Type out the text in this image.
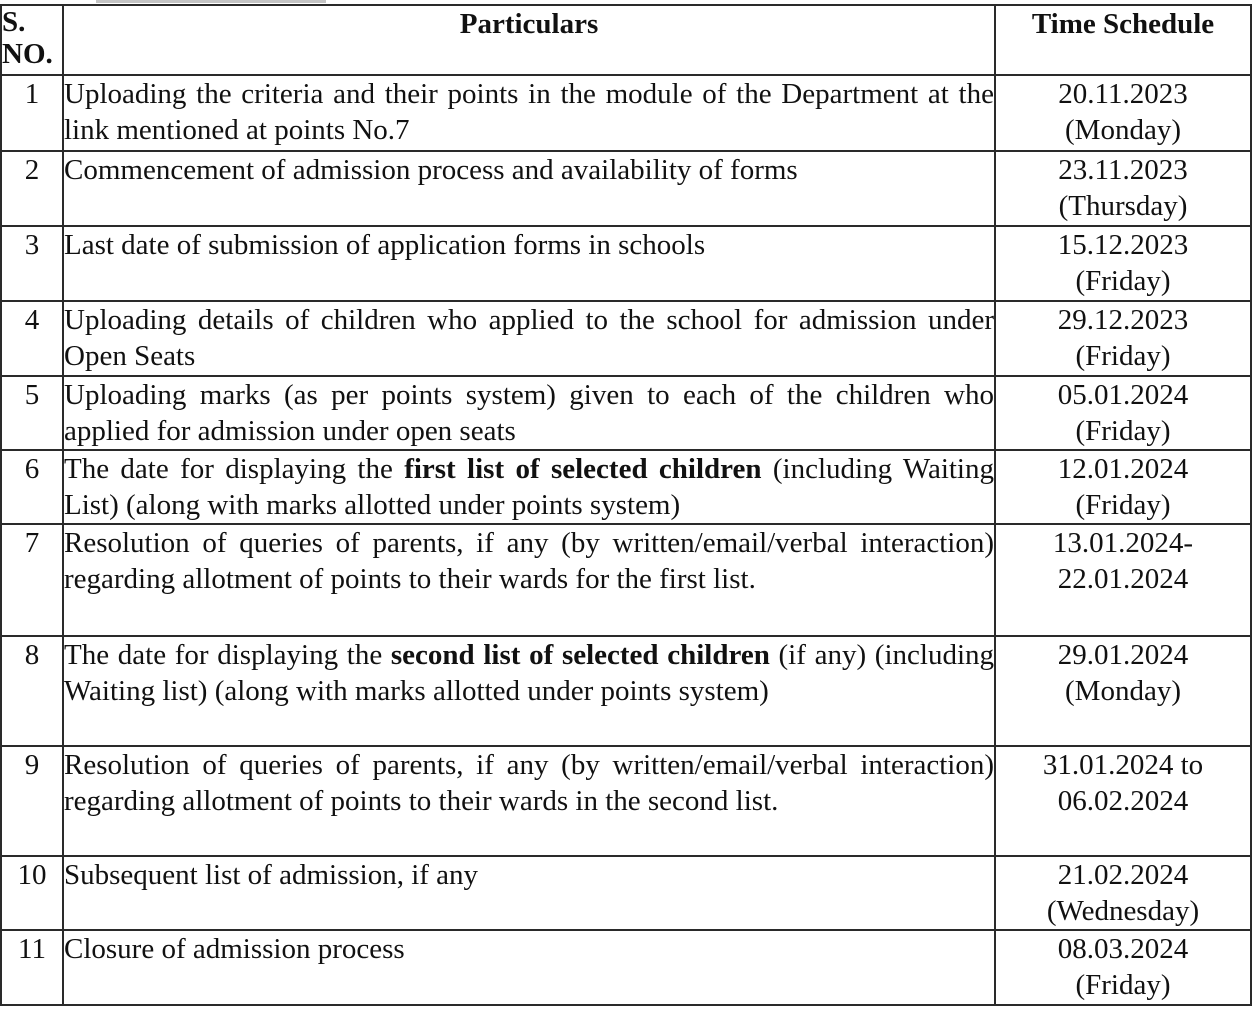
S. NO.	Particulars	Time Schedule
1	Uploading the criteria and their points in the module of the Department at the link mentioned at points No.7	20.11.2023
(Monday)

2	Commencement of admission process and availability of forms	23.11.2023
(Thursday)

3	Last date of submission of application forms in schools	15.12.2023
(Friday)

4	Uploading details of children who applied to the school for admission under Open Seats	29.12.2023
(Friday)

5	Uploading marks (as per points system) given to each of the children who applied for admission under open seats	05.01.2024
(Friday)

6	The date for displaying the first list of selected children (including Waiting List) (along with marks allotted under points system)	12.01.2024
(Friday)

7	Resolution of queries of parents, if any (by written/email/verbal interaction) regarding allotment of points to their wards for the first list.	13.01.2024-
22.01.2024

8	The date for displaying the second list of selected children (if any) (including Waiting list) (along with marks allotted under points system)	29.01.2024
(Monday)

9	Resolution of queries of parents, if any (by written/email/verbal interaction) regarding allotment of points to their wards in the second list.	31.01.2024 to
06.02.2024

10	Subsequent list of admission, if any	21.02.2024
(Wednesday)

11	Closure of admission process	08.03.2024
(Friday)
